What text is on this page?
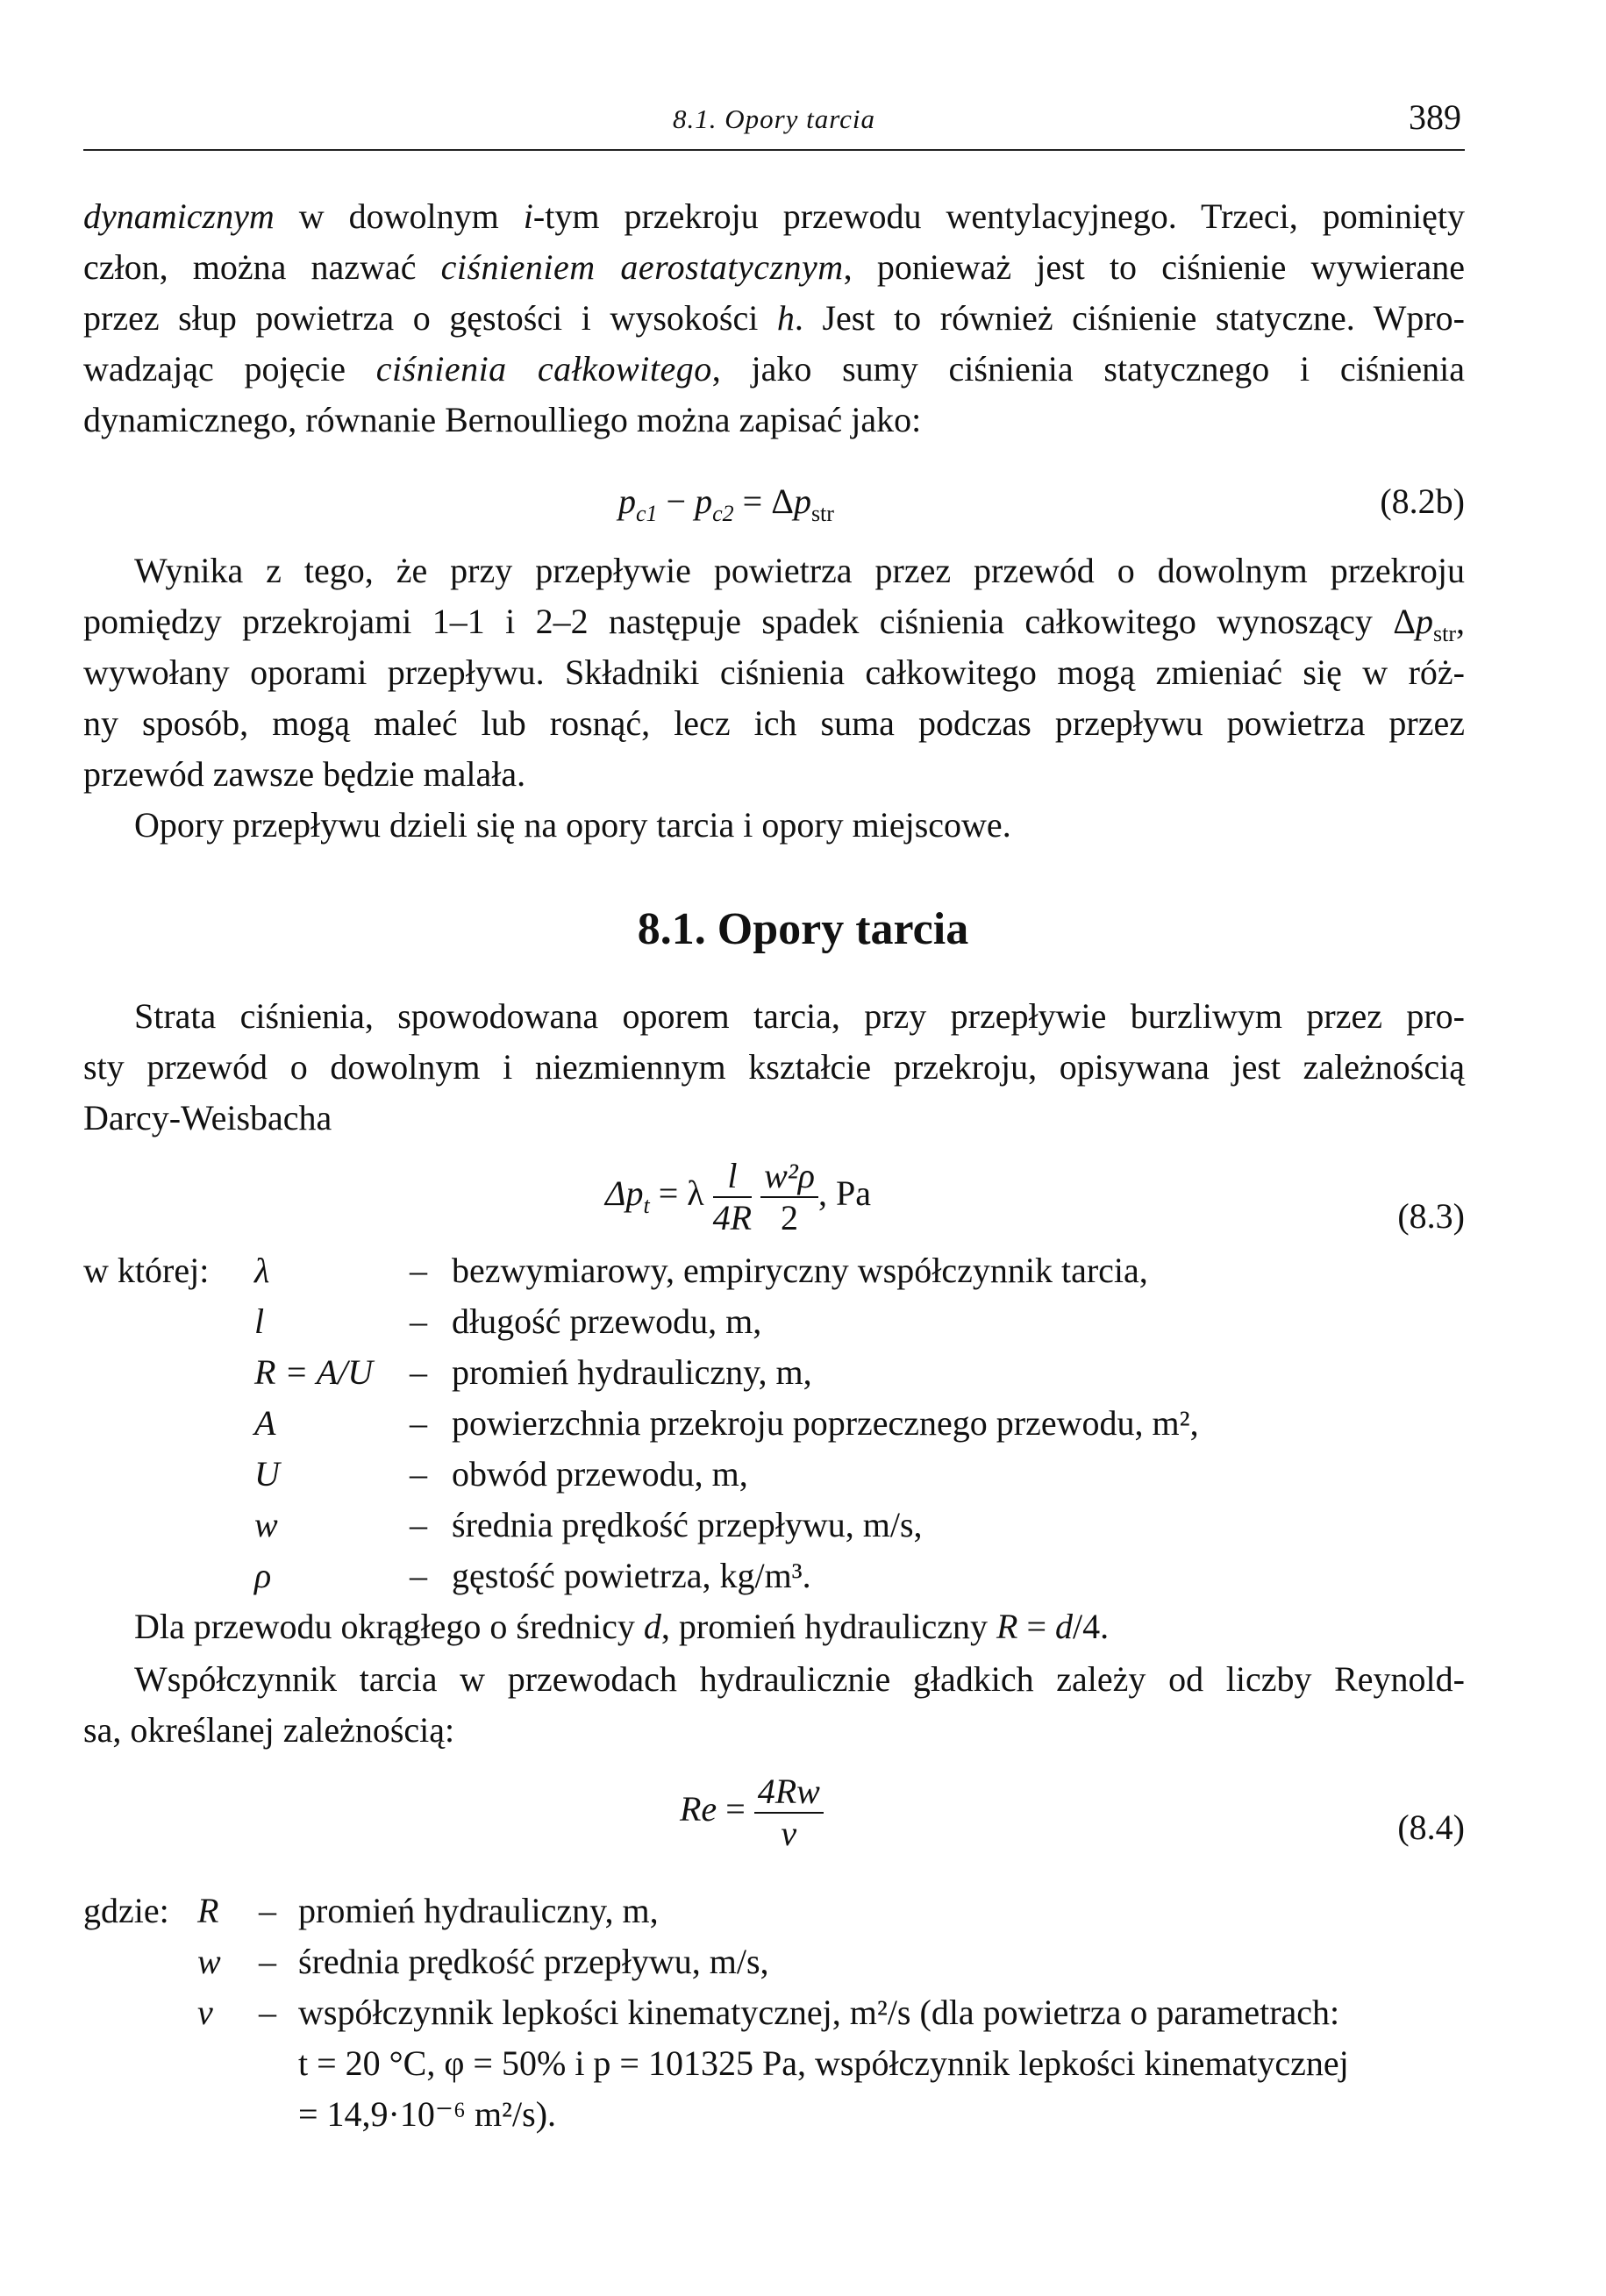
8.1. Opory tarcia	389
dynamicznym w dowolnym i-tym przekroju przewodu wentylacyjnego. Trzeci, pominięty
człon, można nazwać ciśnieniem aerostatycznym, ponieważ jest to ciśnienie wywierane
przez słup powietrza o gęstości i wysokości h. Jest to również ciśnienie statyczne. Wpro-
wadzając pojęcie ciśnienia całkowitego, jako sumy ciśnienia statycznego i ciśnienia
dynamicznego, równanie Bernoulliego można zapisać jako:
$p_{c1} - p_{c2} = \Delta p_{str}$	(8.2b)
Wynika z tego, że przy przepływie powietrza przez przewód o dowolnym przekroju
pomiędzy przekrojami 1–1 i 2–2 następuje spadek ciśnienia całkowitego wynoszący $\Delta p_{str}$,
wywołany oporami przepływu. Składniki ciśnienia całkowitego mogą zmieniać się w róż-
ny sposób, mogą maleć lub rosnąć, lecz ich suma podczas przepływu powietrza przez
przewód zawsze będzie malała.
Opory przepływu dzieli się na opory tarcia i opory miejscowe.
8.1. Opory tarcia
Strata ciśnienia, spowodowana oporem tarcia, przy przepływie burzliwym przez pro-
sty przewód o dowolnym i niezmiennym kształcie przekroju, opisywana jest zależnością
Darcy-Weisbacha
$\Delta p_t = \lambda \frac{l}{4R}$
$\frac{\text{w²ρ}}{2}$ , Pa
(8.3)
w której: λ	– bezwymiarowy, empiryczny współczynnik tarcia,
l	– długość przewodu, m,
R = A/U – promień hydrauliczny, m,
A	– powierzchnia przekroju poprzecznego przewodu, m²,
U	– obwód przewodu, m,
w	– średnia prędkość przepływu, m/s,
ρ	– gęstość powietrza, kg/m³.
Dla przewodu okrągłego o średnicy d, promień hydrauliczny R = d/4.
Współczynnik tarcia w przewodach hydraulicznie gładkich zależy od liczby Reynold-
sa, określanej zależnością:
$Re = \frac{4Rw}{\nu}$	(8.4)
gdzie: R – promień hydrauliczny, m,
w – średnia prędkość przepływu, m/s,
ν – współczynnik lepkości kinematycznej, m²/s (dla powietrza o parametrach:
t = 20 °C, φ = 50% i p = 101325 Pa, współczynnik lepkości kinematycznej
= 14,9·10⁻⁶ m²/s).
